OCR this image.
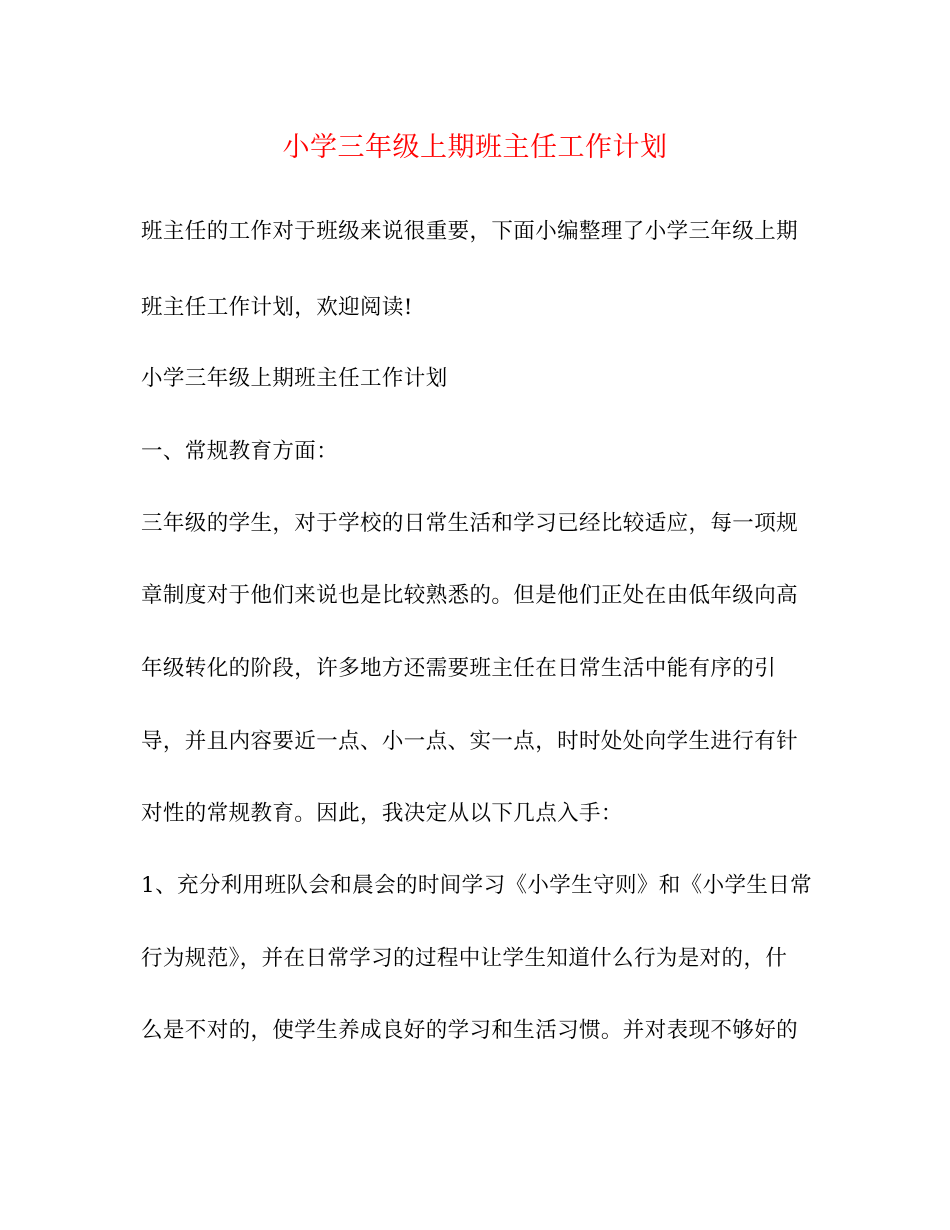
小学三年级上期班主任工作计划
班主任的工作对于班级来说很重要，下面小编整理了小学三年级上期
班主任工作计划，欢迎阅读!
小学三年级上期班主任工作计划
一、常规教育方面：
三年级的学生，对于学校的日常生活和学习已经比较适应，每一项规
章制度对于他们来说也是比较熟悉的。但是他们正处在由低年级向高
年级转化的阶段，许多地方还需要班主任在日常生活中能有序的引
导，并且内容要近一点、小一点、实一点，时时处处向学生进行有针
对性的常规教育。因此，我决定从以下几点入手：
1、充分利用班队会和晨会的时间学习《小学生守则》和《小学生日常
行为规范》，并在日常学习的过程中让学生知道什么行为是对的，什
么是不对的，使学生养成良好的学习和生活习惯。并对表现不够好的
